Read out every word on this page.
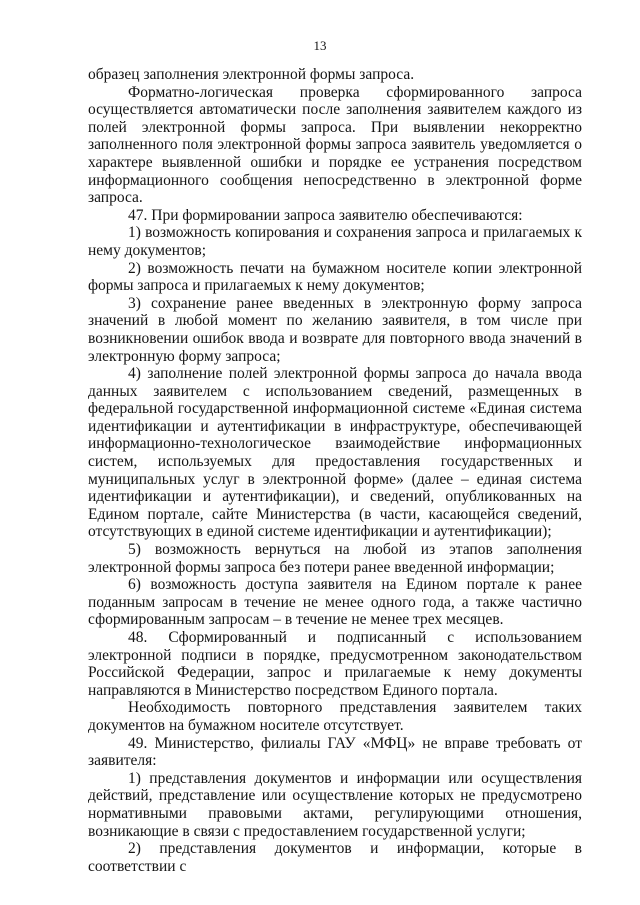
13

образец заполнения электронной формы запроса.

Форматно-логическая проверка сформированного запроса осуществляется автоматически после заполнения заявителем каждого из полей электронной формы запроса. При выявлении некорректно заполненного поля электронной формы запроса заявитель уведомляется о характере выявленной ошибки и порядке ее устранения посредством информационного сообщения непосредственно в электронной форме запроса.

47. При формировании запроса заявителю обеспечиваются:

1) возможность копирования и сохранения запроса и прилагаемых к нему документов;

2) возможность печати на бумажном носителе копии электронной формы запроса и прилагаемых к нему документов;

3) сохранение ранее введенных в электронную форму запроса значений в любой момент по желанию заявителя, в том числе при возникновении ошибок ввода и возврате для повторного ввода значений в электронную форму запроса;

4) заполнение полей электронной формы запроса до начала ввода данных заявителем с использованием сведений, размещенных в федеральной государственной информационной системе «Единая система идентификации и аутентификации в инфраструктуре, обеспечивающей информационно-технологическое взаимодействие информационных систем, используемых для предоставления государственных и муниципальных услуг в электронной форме» (далее – единая система идентификации и аутентификации), и сведений, опубликованных на Едином портале, сайте Министерства (в части, касающейся сведений, отсутствующих в единой системе идентификации и аутентификации);

5) возможность вернуться на любой из этапов заполнения электронной формы запроса без потери ранее введенной информации;

6) возможность доступа заявителя на Едином портале к ранее поданным запросам в течение не менее одного года, а также частично сформированным запросам – в течение не менее трех месяцев.

48. Сформированный и подписанный с использованием электронной подписи в порядке, предусмотренном законодательством Российской Федерации, запрос и прилагаемые к нему документы направляются в Министерство посредством Единого портала.

Необходимость повторного представления заявителем таких документов на бумажном носителе отсутствует.

49. Министерство, филиалы ГАУ «МФЦ» не вправе требовать от заявителя:

1) представления документов и информации или осуществления действий, представление или осуществление которых не предусмотрено нормативными правовыми актами, регулирующими отношения, возникающие в связи с предоставлением государственной услуги;

2) представления документов и информации, которые в соответствии с
